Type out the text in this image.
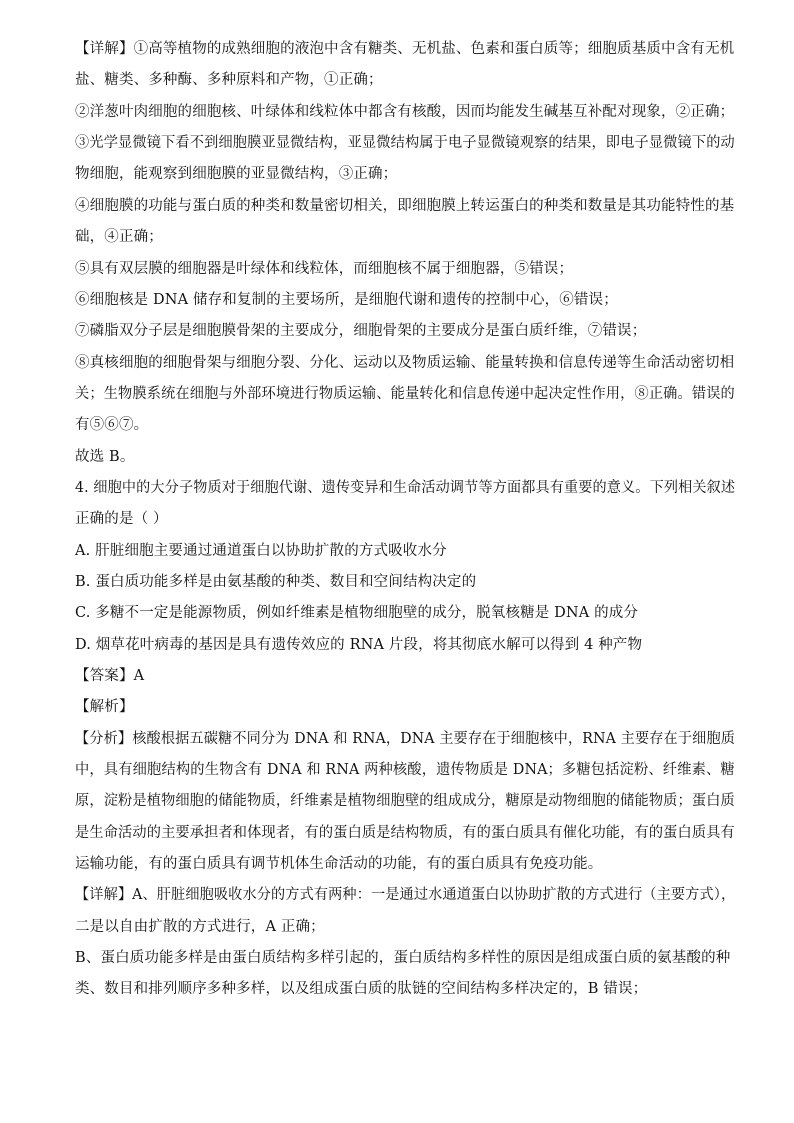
【详解】①高等植物的成熟细胞的液泡中含有糖类、无机盐、色素和蛋白质等；细胞质基质中含有无机
盐、糖类、多种酶、多种原料和产物，①正确；
②洋葱叶肉细胞的细胞核、叶绿体和线粒体中都含有核酸，因而均能发生碱基互补配对现象，②正确；
③光学显微镜下看不到细胞膜亚显微结构，亚显微结构属于电子显微镜观察的结果，即电子显微镜下的动
物细胞，能观察到细胞膜的亚显微结构，③正确；
④细胞膜的功能与蛋白质的种类和数量密切相关，即细胞膜上转运蛋白的种类和数量是其功能特性的基
础，④正确；
⑤具有双层膜的细胞器是叶绿体和线粒体，而细胞核不属于细胞器，⑤错误；
⑥细胞核是 DNA 储存和复制的主要场所，是细胞代谢和遗传的控制中心，⑥错误；
⑦磷脂双分子层是细胞膜骨架的主要成分，细胞骨架的主要成分是蛋白质纤维，⑦错误；
⑧真核细胞的细胞骨架与细胞分裂、分化、运动以及物质运输、能量转换和信息传递等生命活动密切相
关；生物膜系统在细胞与外部环境进行物质运输、能量转化和信息传递中起决定性作用，⑧正确。错误的
有⑤⑥⑦。
故选 B。
4. 细胞中的大分子物质对于细胞代谢、遗传变异和生命活动调节等方面都具有重要的意义。下列相关叙述
正确的是（ ）
A. 肝脏细胞主要通过通道蛋白以协助扩散的方式吸收水分
B. 蛋白质功能多样是由氨基酸的种类、数目和空间结构决定的
C. 多糖不一定是能源物质，例如纤维素是植物细胞壁的成分，脱氧核糖是 DNA 的成分
D. 烟草花叶病毒的基因是具有遗传效应的 RNA 片段，将其彻底水解可以得到 4 种产物
【答案】A
【解析】
【分析】核酸根据五碳糖不同分为 DNA 和 RNA，DNA 主要存在于细胞核中，RNA 主要存在于细胞质
中，具有细胞结构的生物含有 DNA 和 RNA 两种核酸，遗传物质是 DNA；多糖包括淀粉、纤维素、糖
原，淀粉是植物细胞的储能物质，纤维素是植物细胞壁的组成成分，糖原是动物细胞的储能物质；蛋白质
是生命活动的主要承担者和体现者，有的蛋白质是结构物质，有的蛋白质具有催化功能，有的蛋白质具有
运输功能，有的蛋白质具有调节机体生命活动的功能，有的蛋白质具有免疫功能。
【详解】A、肝脏细胞吸收水分的方式有两种：一是通过水通道蛋白以协助扩散的方式进行（主要方式），
二是以自由扩散的方式进行，A 正确；
B、蛋白质功能多样是由蛋白质结构多样引起的，蛋白质结构多样性的原因是组成蛋白质的氨基酸的种
类、数目和排列顺序多种多样，以及组成蛋白质的肽链的空间结构多样决定的，B 错误；
